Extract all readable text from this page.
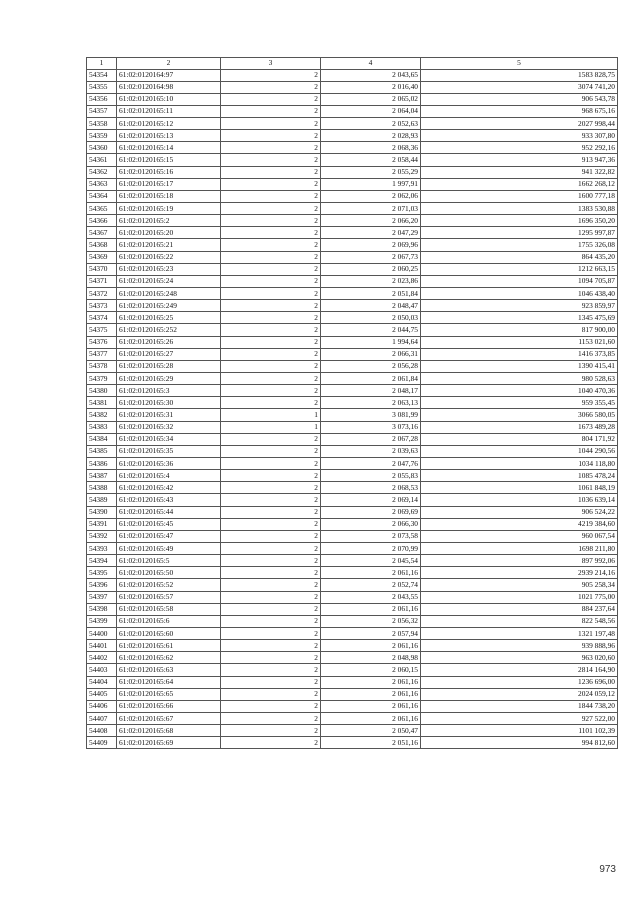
1	2	3	4	5
54354	61:02:0120164:97	2	2 043,65	1583 828,75
54355	61:02:0120164:98	2	2 016,40	3074 741,20
54356	61:02:0120165:10	2	2 065,02	906 543,78
54357	61:02:0120165:11	2	2 064,04	968 675,16
54358	61:02:0120165:12	2	2 052,63	2027 998,44
54359	61:02:0120165:13	2	2 028,93	933 307,80
54360	61:02:0120165:14	2	2 068,36	952 292,16
54361	61:02:0120165:15	2	2 058,44	913 947,36
54362	61:02:0120165:16	2	2 055,29	941 322,82
54363	61:02:0120165:17	2	1 997,91	1662 268,12
54364	61:02:0120165:18	2	2 062,06	1600 777,18
54365	61:02:0120165:19	2	2 071,03	1383 530,88
54366	61:02:0120165:2	2	2 066,20	1696 350,20
54367	61:02:0120165:20	2	2 047,29	1295 997,87
54368	61:02:0120165:21	2	2 069,96	1755 326,08
54369	61:02:0120165:22	2	2 067,73	864 435,20
54370	61:02:0120165:23	2	2 060,25	1212 663,15
54371	61:02:0120165:24	2	2 023,86	1094 705,87
54372	61:02:0120165:248	2	2 051,84	1046 438,40
54373	61:02:0120165:249	2	2 048,47	923 859,97
54374	61:02:0120165:25	2	2 050,03	1345 475,69
54375	61:02:0120165:252	2	2 044,75	817 900,00
54376	61:02:0120165:26	2	1 994,64	1153 021,60
54377	61:02:0120165:27	2	2 066,31	1416 373,85
54378	61:02:0120165:28	2	2 056,28	1390 415,41
54379	61:02:0120165:29	2	2 061,84	980 528,63
54380	61:02:0120165:3	2	2 048,17	1040 470,36
54381	61:02:0120165:30	2	2 063,13	959 355,45
54382	61:02:0120165:31	1	3 081,99	3066 580,05
54383	61:02:0120165:32	1	3 073,16	1673 489,28
54384	61:02:0120165:34	2	2 067,28	804 171,92
54385	61:02:0120165:35	2	2 039,63	1044 290,56
54386	61:02:0120165:36	2	2 047,76	1034 118,80
54387	61:02:0120165:4	2	2 055,83	1085 478,24
54388	61:02:0120165:42	2	2 068,53	1061 848,19
54389	61:02:0120165:43	2	2 069,14	1036 639,14
54390	61:02:0120165:44	2	2 069,69	906 524,22
54391	61:02:0120165:45	2	2 066,30	4219 384,60
54392	61:02:0120165:47	2	2 073,58	960 067,54
54393	61:02:0120165:49	2	2 070,99	1698 211,80
54394	61:02:0120165:5	2	2 045,54	897 992,06
54395	61:02:0120165:50	2	2 061,16	2939 214,16
54396	61:02:0120165:52	2	2 052,74	905 258,34
54397	61:02:0120165:57	2	2 043,55	1021 775,00
54398	61:02:0120165:58	2	2 061,16	884 237,64
54399	61:02:0120165:6	2	2 056,32	822 548,56
54400	61:02:0120165:60	2	2 057,94	1321 197,48
54401	61:02:0120165:61	2	2 061,16	939 888,96
54402	61:02:0120165:62	2	2 048,98	963 020,60
54403	61:02:0120165:63	2	2 060,15	2814 164,90
54404	61:02:0120165:64	2	2 061,16	1236 696,00
54405	61:02:0120165:65	2	2 061,16	2024 059,12
54406	61:02:0120165:66	2	2 061,16	1844 738,20
54407	61:02:0120165:67	2	2 061,16	927 522,00
54408	61:02:0120165:68	2	2 050,47	1101 102,39
54409	61:02:0120165:69	2	2 051,16	994 812,60
973
